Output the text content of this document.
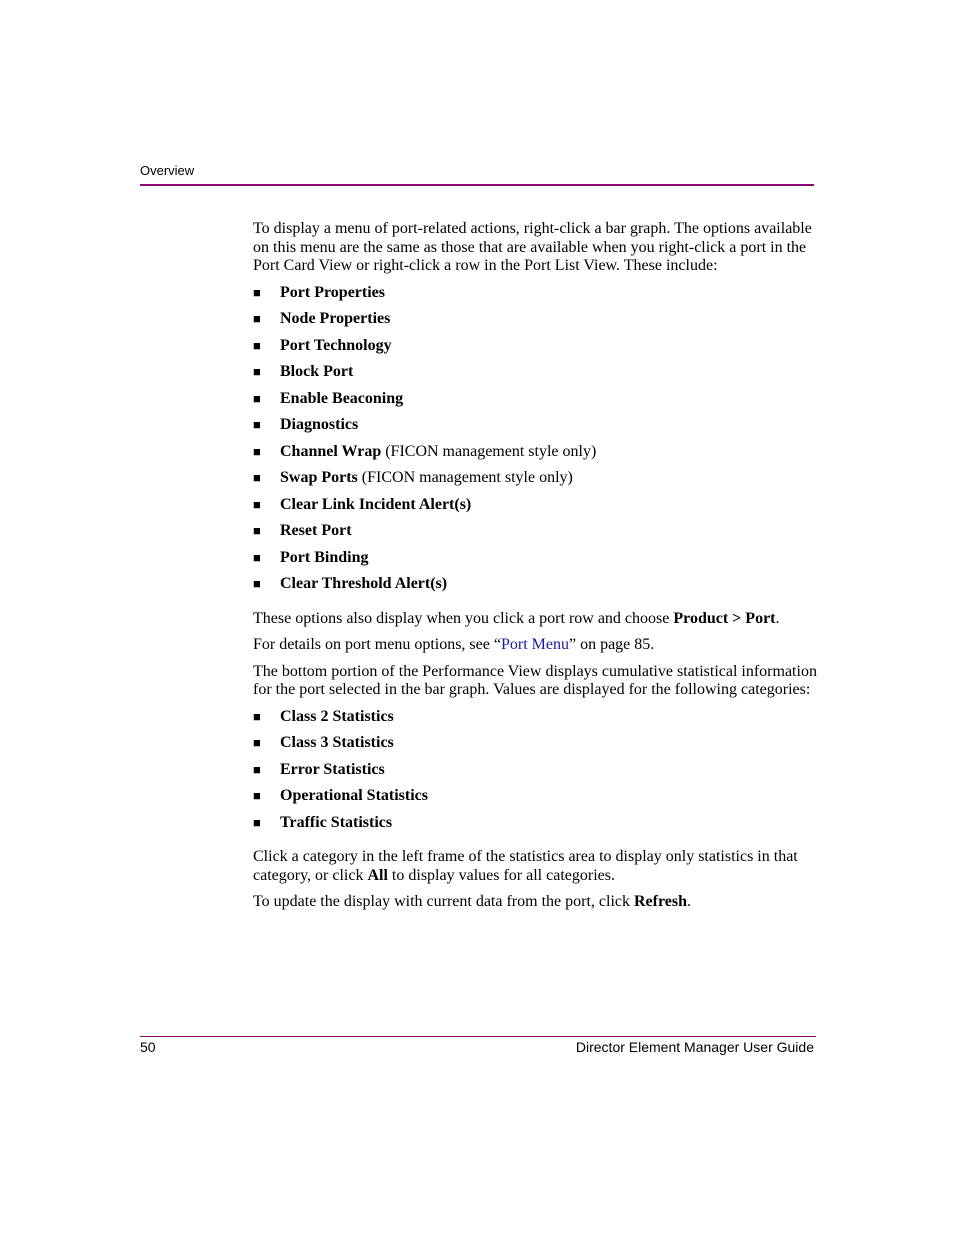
Overview

To display a menu of port-related actions, right-click a bar graph. The options available on this menu are the same as those that are available when you right-click a port in the Port Card View or right-click a row in the Port List View. These include:

■ Port Properties
■ Node Properties
■ Port Technology
■ Block Port
■ Enable Beaconing
■ Diagnostics
■ Channel Wrap (FICON management style only)
■ Swap Ports (FICON management style only)
■ Clear Link Incident Alert(s)
■ Reset Port
■ Port Binding
■ Clear Threshold Alert(s)

These options also display when you click a port row and choose Product > Port.

For details on port menu options, see “Port Menu” on page 85.

The bottom portion of the Performance View displays cumulative statistical information for the port selected in the bar graph. Values are displayed for the following categories:

■ Class 2 Statistics
■ Class 3 Statistics
■ Error Statistics
■ Operational Statistics
■ Traffic Statistics

Click a category in the left frame of the statistics area to display only statistics in that category, or click All to display values for all categories.

To update the display with current data from the port, click Refresh.

50	Director Element Manager User Guide
